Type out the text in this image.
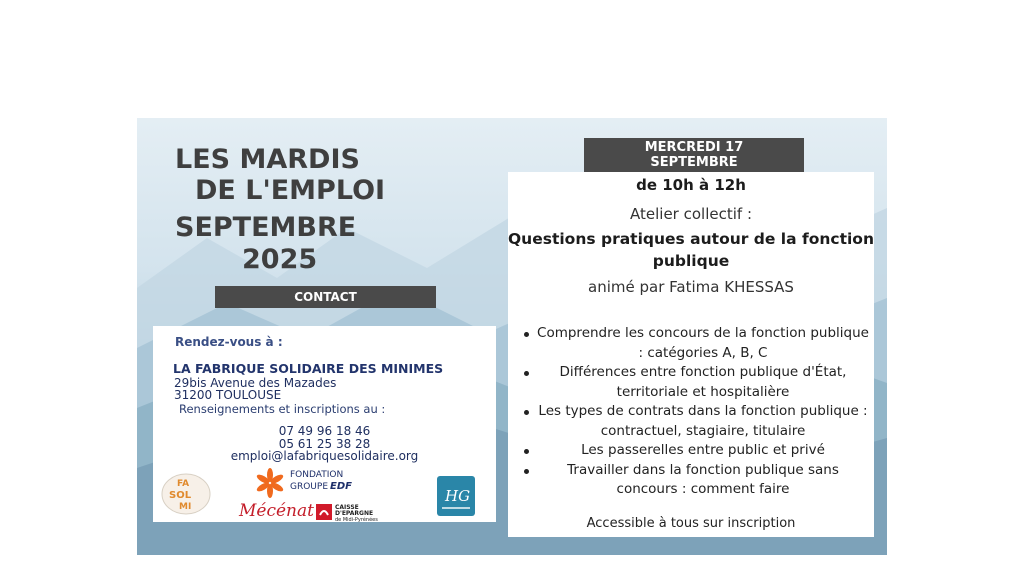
LES MARDIS
DE L'EMPLOI
SEPTEMBRE
2025
CONTACT
Rendez-vous à :
LA FABRIQUE SOLIDAIRE DES MINIMES
29bis Avenue des Mazades
31200 TOULOUSE
Renseignements et inscriptions au :
07 49 96 18 46
05 61 25 38 28
emploi@lafabriquesolidaire.org
FA
SOL
MI
FONDATION
GROUPE EDF
Mécénat	CAISSE
D'EPARGNE
de Midi-Pyrénées
HG
MERCREDI 17
SEPTEMBRE
de 10h à 12h
Atelier collectif :
Questions pratiques autour de la fonction publique
animé par Fatima KHESSAS
Comprendre les concours de la fonction publique : catégories A, B, C
Différences entre fonction publique d'État, territoriale et hospitalière
Les types de contrats dans la fonction publique : contractuel, stagiaire, titulaire
Les passerelles entre public et privé
Travailler dans la fonction publique sans concours : comment faire
Accessible à tous sur inscription
